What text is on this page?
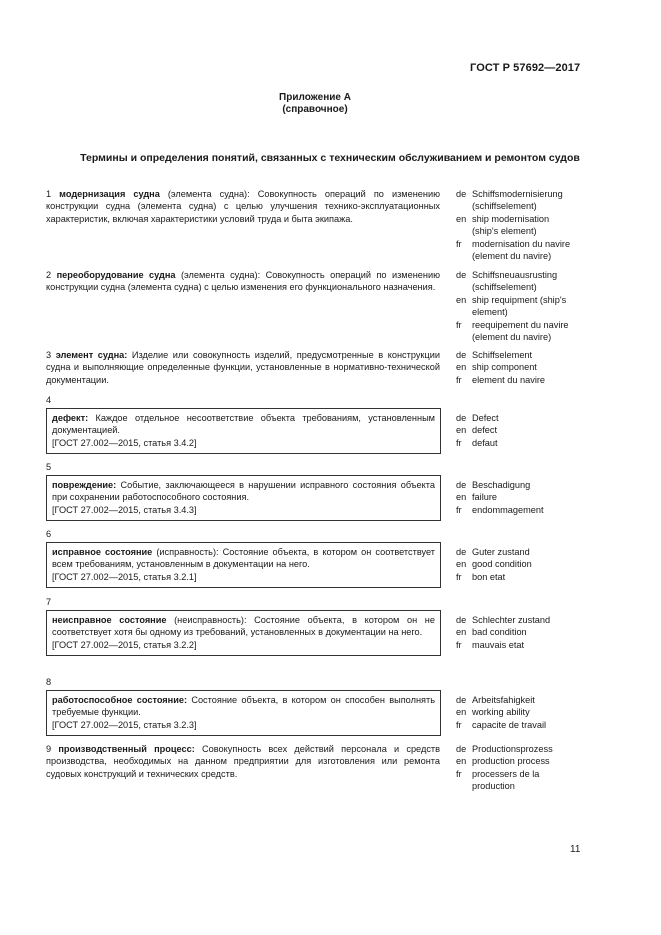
ГОСТ Р 57692—2017
Приложение А
(справочное)
Термины и определения понятий, связанных с техническим обслуживанием и ремонтом судов
1 модернизация судна (элемента судна): Совокупность операций по изменению конструкции судна (элемента судна) с целью улучшения технико-эксплуатационных характеристик, включая характеристики условий труда и быта экипажа.
de Schiffsmodernisierung
(schiffselement)
en ship modernisation
(ship's element)
fr	modernisation du navire
(element du navire)
2 переоборудование судна (элемента судна): Совокупность операций по изменению конструкции судна (элемента судна) с целью изменения его функционального назначения.
de Schiffsneuausrusting
(schiffselement)
en ship requipment (ship's
element)
fr	reequipement du navire
(element du navire)
3 элемент судна: Изделие или совокупность изделий, предусмотренные в конструкции судна и выполняющие определенные функции, установленные в нормативно-технической документации.
de Schiffselement
en ship component
fr	element du navire
4
дефект: Каждое отдельное несоответствие объекта требованиям, установленным документацией.
[ГОСТ 27.002—2015, статья 3.4.2]
de Defect
en defect
fr	defaut
5
повреждение: Событие, заключающееся в нарушении исправного состояния объекта при сохранении работоспособного состояния.
[ГОСТ 27.002—2015, статья 3.4.3]
de Beschadigung
en failure
fr	endommagement
6
исправное состояние (исправность): Состояние объекта, в котором он соответствует всем требованиям, установленным в документации на него.
[ГОСТ 27.002—2015, статья 3.2.1]
de Guter zustand
en good condition
fr	bon etat
7
неисправное состояние (неисправность): Состояние объекта, в котором он не соответствует хотя бы одному из требований, установленных в документации на него.
[ГОСТ 27.002—2015, статья 3.2.2]
de Schlechter zustand
en bad condition
fr	mauvais etat
8
работоспособное состояние: Состояние объекта, в котором он способен выполнять требуемые функции.
[ГОСТ 27.002—2015, статья 3.2.3]
de Arbeitsfahigkeit
en working ability
fr	capacite de travail
9 производственный процесс: Совокупность всех действий персонала и средств производства, необходимых на данном предприятии для изготовления или ремонта судовых конструкций и технических средств.
de Productionsprozess
en production process
fr	processers de la
production
11
